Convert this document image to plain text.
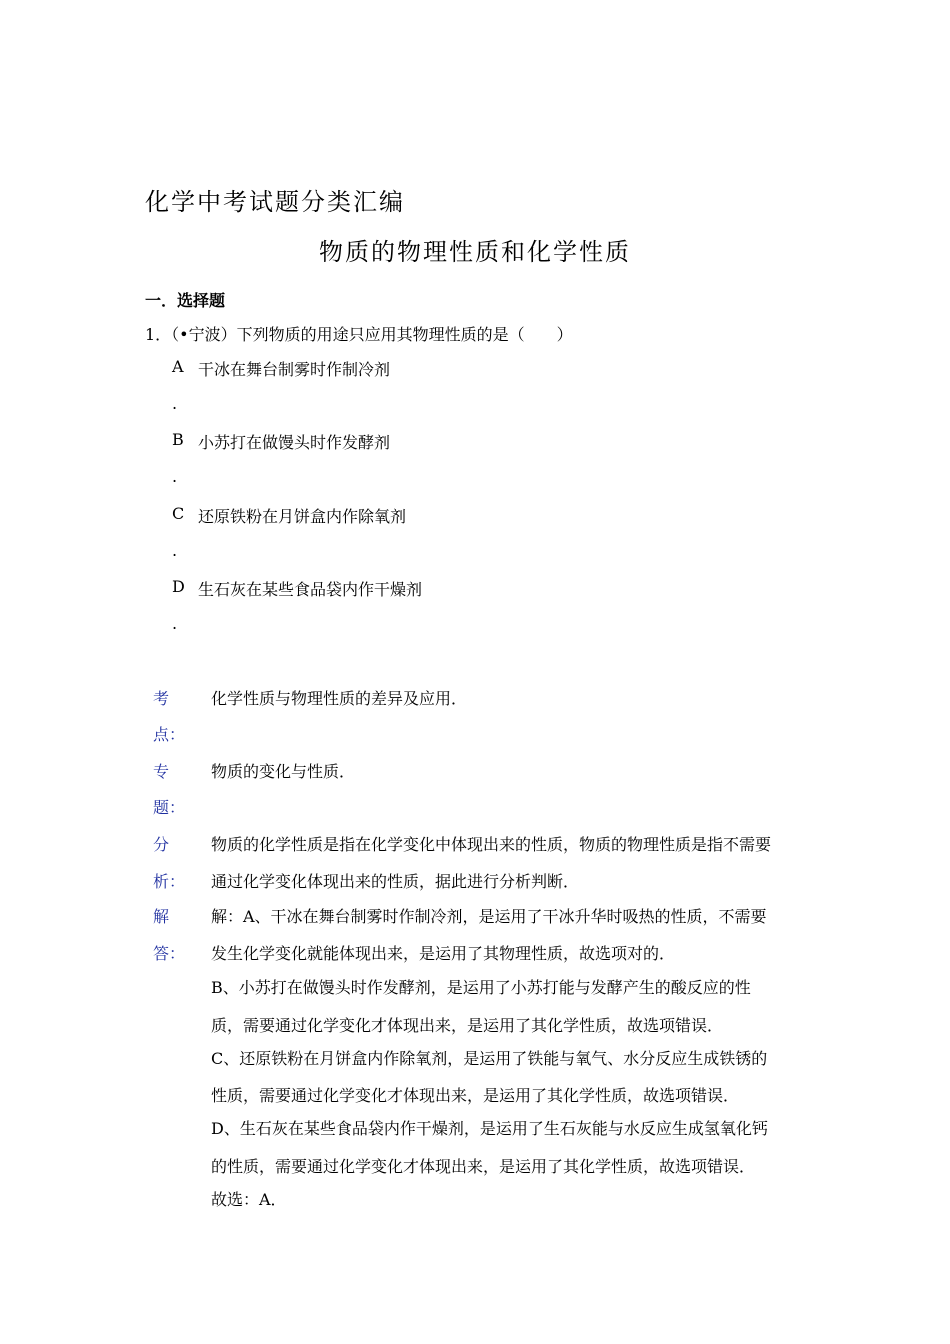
化学中考试题分类汇编
物质的物理性质和化学性质
一．选择题
1．（•宁波）下列物质的用途只应用其物理性质的是（　　）
A 干冰在舞台制雾时作制冷剂
.
B 小苏打在做馒头时作发酵剂
.
C 还原铁粉在月饼盒内作除氧剂
.
D 生石灰在某些食品袋内作干燥剂
.
考
点：
化学性质与物理性质的差异及应用．
专
题：
物质的变化与性质．
分
析：
物质的化学性质是指在化学变化中体现出来的性质，物质的物理性质是指不需要
通过化学变化体现出来的性质，据此进行分析判断．
解
答：
解：A、干冰在舞台制雾时作制冷剂，是运用了干冰升华时吸热的性质，不需要
发生化学变化就能体现出来，是运用了其物理性质，故选项对的．
B、小苏打在做馒头时作发酵剂，是运用了小苏打能与发酵产生的酸反应的性
质，需要通过化学变化才体现出来，是运用了其化学性质，故选项错误．
C、还原铁粉在月饼盒内作除氧剂，是运用了铁能与氧气、水分反应生成铁锈的
性质，需要通过化学变化才体现出来，是运用了其化学性质，故选项错误．
D、生石灰在某些食品袋内作干燥剂，是运用了生石灰能与水反应生成氢氧化钙
的性质，需要通过化学变化才体现出来，是运用了其化学性质，故选项错误．
故选：A．
